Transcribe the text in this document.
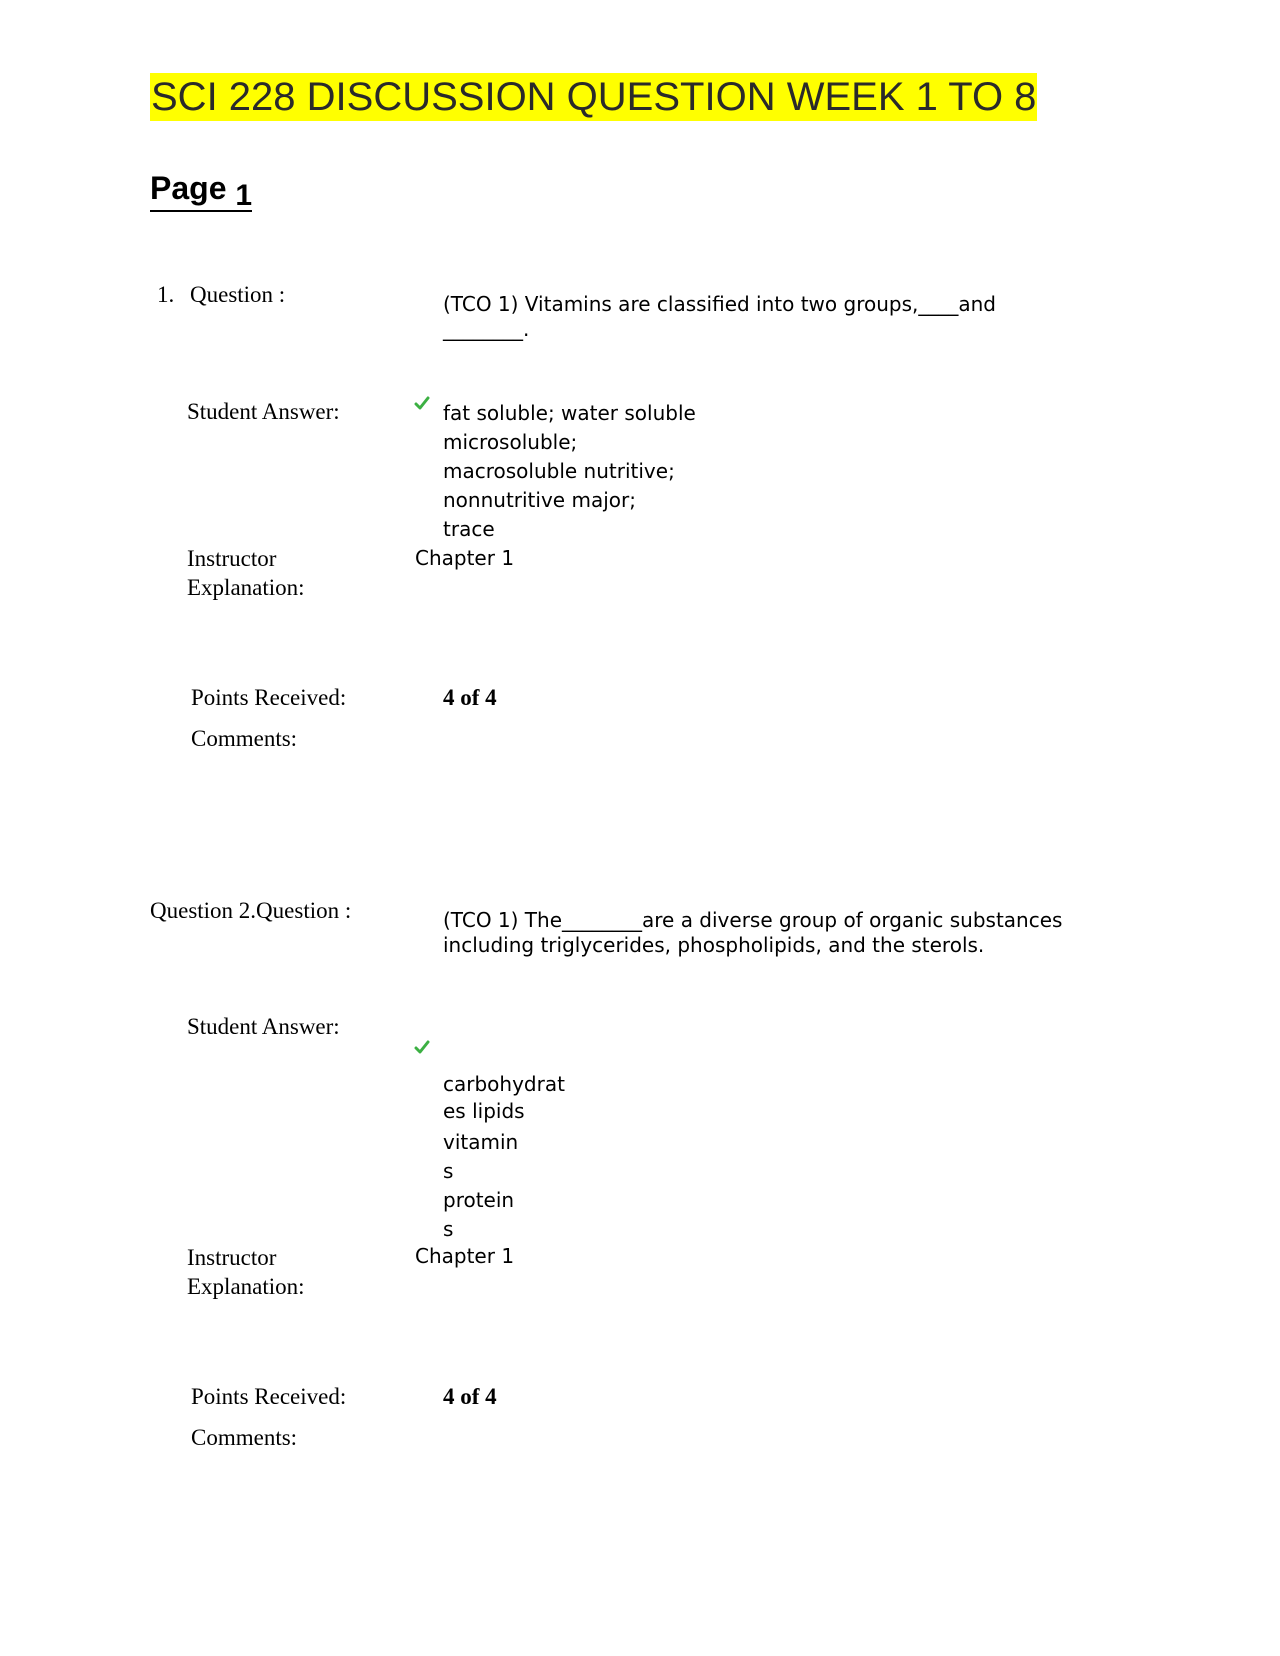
SCI 228 DISCUSSION QUESTION WEEK 1 TO 8
Page 1
1. Question :	(TCO 1) Vitamins are classified into two groups,____and
________.
Student Answer:	fat soluble; water soluble
microsoluble;
macrosoluble nutritive;
nonnutritive major;
trace
Instructor
Explanation:
Chapter 1
Points Received:	4 of 4
Comments:
Question 2.Question :	(TCO 1) The________are a diverse group of organic substances
including triglycerides, phospholipids, and the sterols.
Student Answer:
carbohydrat
es lipids
vitamin
s
protein
s
Instructor
Explanation:
Chapter 1
Points Received:	4 of 4
Comments:
